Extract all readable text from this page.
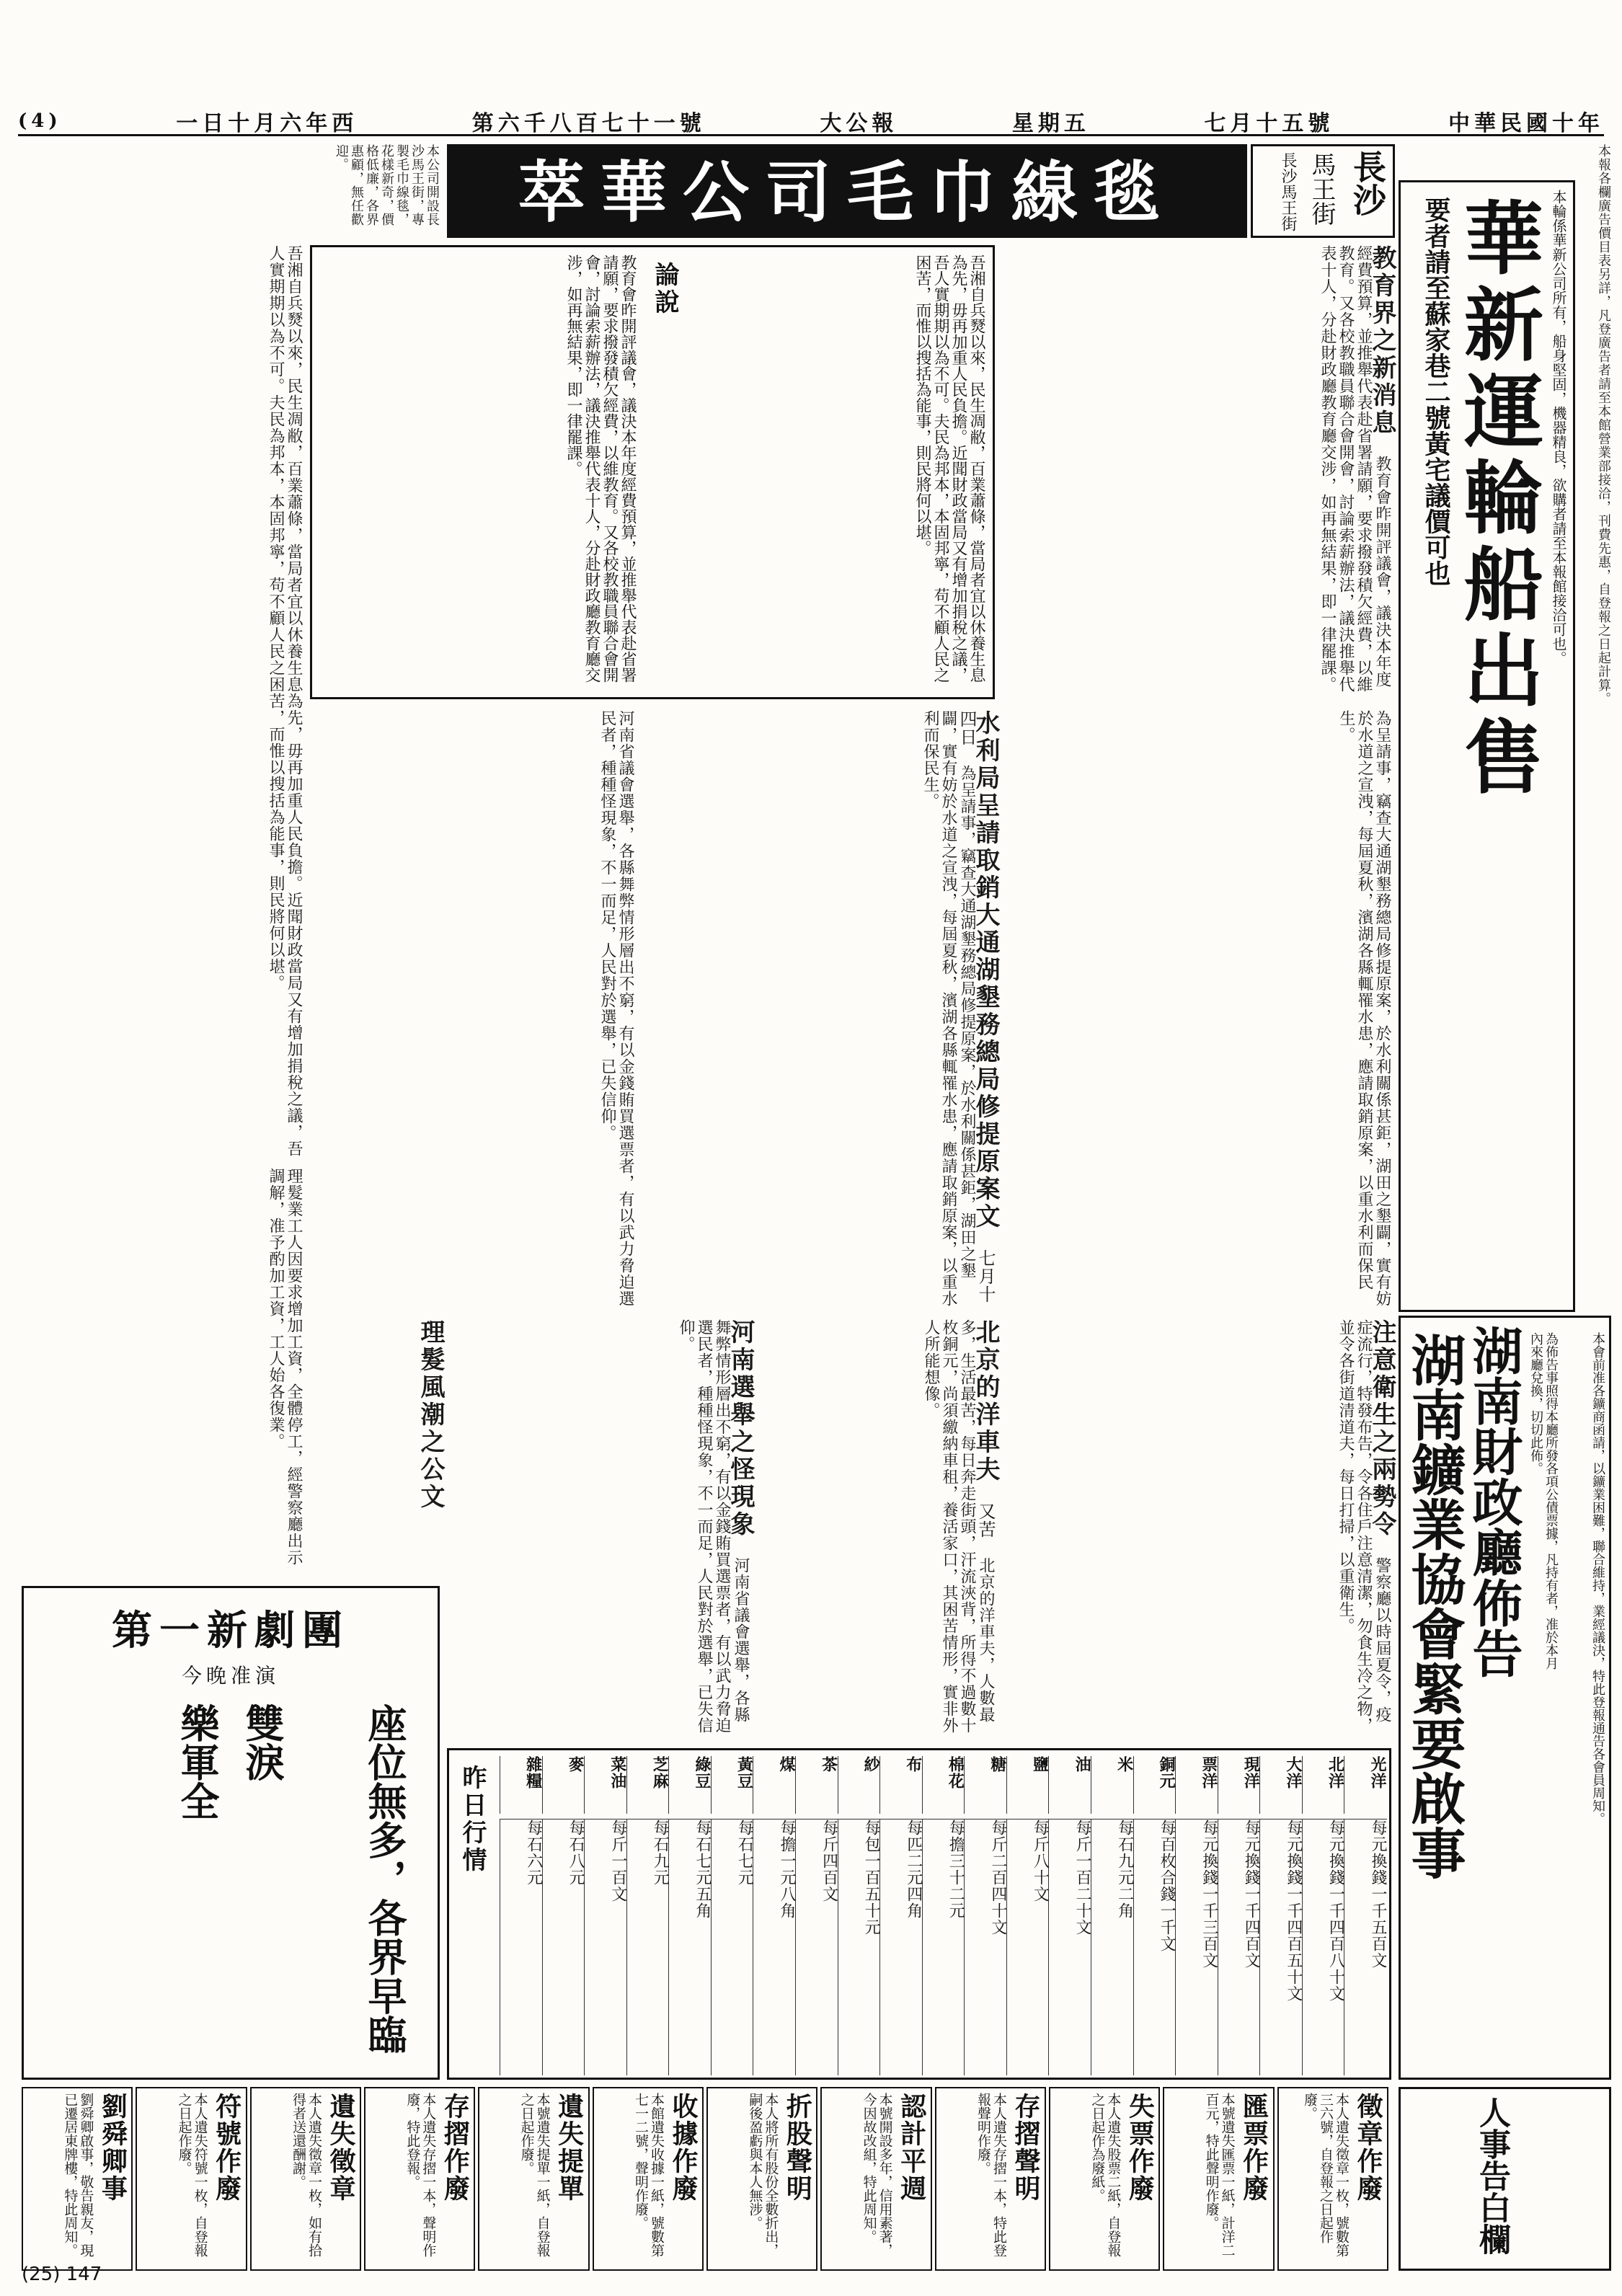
(4)	一日十月六年西	第六千八百七十一號	大公報	星期五	七月十五號	中華民國十年
本報各欄廣告價目表另詳，凡登廣告者請至本館營業部接洽，刊費先惠，自登報之日起計算。
本輪係華新公司所有，船身堅固，機器精良，欲購者請至本報館接洽可也。
華新運輪船出售
要者請至蘇家巷二號黃宅議價可也
湖南財政廳佈告	為佈告事照得本廳所發各項公債票據，凡持有者，准於本月內來廳兌換，切切此佈。
湖南鑛業協會緊要啟事	本會前准各鑛商函請，以鑛業困難，聯合維持，業經議決，特此登報通告各會員周知。
萃華公司毛巾線毯
本公司開設長沙馬王街，專製毛巾線毯，花樣新奇，價格低廉，各界惠顧，無任歡迎。	長沙
馬王街
長沙馬王街
吾湘自兵燹以來，民生凋敝，百業蕭條，當局者宜以休養生息為先，毋再加重人民負擔。近聞財政當局又有增加捐稅之議，吾人實期期以為不可。夫民為邦本，本固邦寧，苟不顧人民之困苦，而惟以搜括為能事，則民將何以堪。	論說	吾湘自兵燹以來，民生凋敝，百業蕭條，當局者宜以休養生息為先，毋再加重人民負擔。近聞財政當局又有增加捐稅之議，吾人實期期以為不可。夫民為邦本，本固邦寧，苟不顧人民之困苦，而惟以搜括為能事，則民將何以堪。
教育會昨開評議會，議決本年度經費預算，並推舉代表赴省署請願，要求撥發積欠經費，以維教育。又各校教職員聯合會開會，討論索薪辦法，議決推舉代表十人，分赴財政廳教育廳交涉，如再無結果，即一律罷課。	教育界之新消息 教育會昨開評議會，議決本年度經費預算，並推舉代表赴省署請願，要求撥發積欠經費，以維教育。又各校教職員聯合會開會，討論索薪辦法，議決推舉代表十人，分赴財政廳教育廳交涉，如再無結果，即一律罷課。
為呈請事，竊查大通湖墾務總局修提原案，於水利關係甚鉅，湖田之墾闢，實有妨於水道之宣洩，每屆夏秋，濱湖各縣輒罹水患，應請取銷原案，以重水利而保民生。
水利局呈請取銷大通湖墾務總局修提原案文 七月十四日 為呈請事，竊查大通湖墾務總局修提原案，於水利關係甚鉅，湖田之墾闢，實有妨於水道之宣洩，每屆夏秋，濱湖各縣輒罹水患，應請取銷原案，以重水利而保民生。
河南省議會選舉，各縣舞弊情形層出不窮，有以金錢賄買選票者，有以武力脅迫選民者，種種怪現象，不一而足，人民對於選舉，已失信仰。
理髮業工人因要求增加工資，全體停工，經警察廳出示調解，准予酌加工資，工人始各復業。	注意衛生之兩勢令 警察廳以時屆夏令，疫症流行，特發布告，令各住戶注意清潔，勿食生冷之物，並令各街道清道夫，每日打掃，以重衛生。
北京的洋車夫 又苦 北京的洋車夫，人數最多，生活最苦，每日奔走街頭，汗流浹背，所得不過數十枚銅元，尚須繳納車租，養活家口，其困苦情形，實非外人所能想像。
河南選舉之怪現象 河南省議會選舉，各縣舞弊情形層出不窮，有以金錢賄買選票者，有以武力脅迫選民者，種種怪現象，不一而足，人民對於選舉，已失信仰。
理髮風潮之公文
昨日行情	光洋
每元換錢一千五百文
北洋
每元換錢一千四百八十文
大洋
每元換錢一千四百五十文
現洋
每元換錢一千四百文
票洋
每元換錢一千三百文
銅元
每百枚合錢一千文
米
每石九元二角
油
每斤一百二十文
鹽
每斤八十文
糖
每斤二百四十文
棉花
每擔三十二元
布
每匹二元四角
紗
每包一百五十元
茶
每斤四百文
煤
每擔一元八角
黃豆
每石七元
綠豆
每石七元五角
芝麻
每石九元
菜油
每斤一百文
麥
每石八元
雜糧
每石六元
第一新劇團
今晚准演
座位無多，各界早臨
雙淚
樂軍全
徵章作廢
本人遺失徵章一枚，號數第三六號，自登報之日起作廢。
匯票作廢
本號遺失匯票一紙，計洋二百元，特此聲明作廢。
失票作廢
本人遺失股票二紙，自登報之日起作為廢紙。
存摺聲明
本人遺失存摺一本，特此登報聲明作廢。
認計平週
本號開設多年，信用素著，今因故改組，特此周知。
折股聲明
本人將所有股份全數折出，嗣後盈虧與本人無涉。
收據作廢
本館遺失收據一紙，號數第七一二號，聲明作廢。
遺失提單
本號遺失提單一紙，自登報之日起作廢。
存摺作廢
本人遺失存摺一本，聲明作廢，特此登報。
遺失徵章
本人遺失徵章一枚，如有拾得者送還酬謝。
符號作廢
本人遺失符號一枚，自登報之日起作廢。
劉舜卿事
劉舜卿啟事，敬告親友，現已遷居東牌樓，特此周知。	人事告白欄
(25) 147
